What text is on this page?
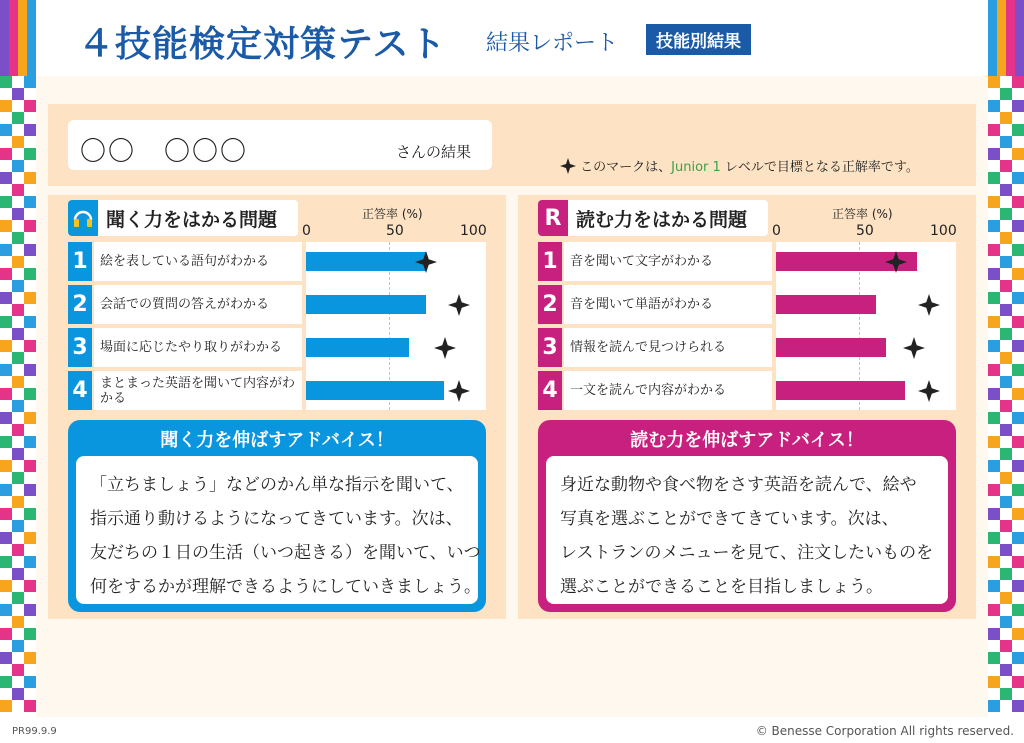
４技能検定対策テスト 結果レポート	技能別結果
〇〇　〇〇〇	さんの結果
このマークは、Junior 1 レベルで目標となる正解率です。
聞く力をはかる問題	正答率 (%)
0	50	100
1 絵を表している語句がわかる
2 会話での質問の答えがわかる
3 場面に応じたやり取りがわかる
4 まとまった英語を聞いて内容がわかる
聞く力を伸ばすアドバイス！
「立ちましょう」などのかん単な指示を聞いて、
指示通り動けるようになってきています。次は、
友だちの１日の生活（いつ起きる）を聞いて、いつ
何をするかが理解できるようにしていきましょう。
R 読む力をはかる問題	正答率 (%)
0	50	100
1 音を聞いて文字がわかる
2 音を聞いて単語がわかる
3 情報を読んで見つけられる
4 一文を読んで内容がわかる
読む力を伸ばすアドバイス！
身近な動物や食べ物をさす英語を読んで、絵や
写真を選ぶことができてきています。次は、
レストランのメニューを見て、注文したいものを
選ぶことができることを目指しましょう。
PR99.9.9	© Benesse Corporation All rights reserved.
